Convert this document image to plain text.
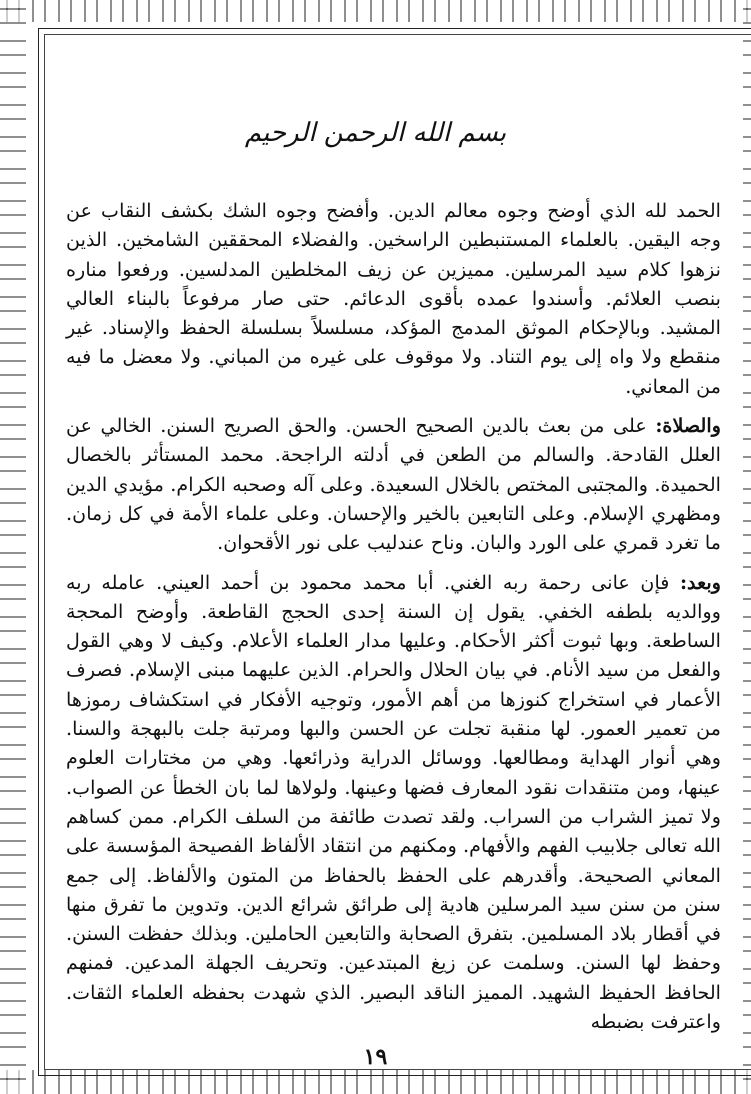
بسم الله الرحمن الرحيم

الحمد لله الذي أوضح وجوه معالم الدين. وأفضح وجوه الشك بكشف النقاب عن وجه اليقين. بالعلماء المستنبطين الراسخين. والفضلاء المحققين الشامخين. الذين نزهوا كلام سيد المرسلين. مميزين عن زيف المخلطين المدلسين. ورفعوا مناره بنصب العلائم. وأسندوا عمده بأقوى الدعائم. حتى صار مرفوعاً بالبناء العالي المشيد. وبالإحكام الموثق المدمج المؤكد، مسلسلاً بسلسلة الحفظ والإسناد. غير منقطع ولا واه إلى يوم التناد. ولا موقوف على غيره من المباني. ولا معضل ما فيه من المعاني.

والصلاة: على من بعث بالدين الصحيح الحسن. والحق الصريح السنن. الخالي عن العلل القادحة. والسالم من الطعن في أدلته الراجحة. محمد المستأثر بالخصال الحميدة. والمجتبى المختص بالخلال السعيدة. وعلى آله وصحبه الكرام. مؤيدي الدين ومظهري الإسلام. وعلى التابعين بالخير والإحسان. وعلى علماء الأمة في كل زمان. ما تغرد قمري على الورد والبان. وناح عندليب على نور الأقحوان.

وبعد: فإن عانى رحمة ربه الغني. أبا محمد محمود بن أحمد العيني. عامله ربه ووالديه بلطفه الخفي. يقول إن السنة إحدى الحجج القاطعة. وأوضح المحجة الساطعة. وبها ثبوت أكثر الأحكام. وعليها مدار العلماء الأعلام. وكيف لا وهي القول والفعل من سيد الأنام. في بيان الحلال والحرام. الذين عليهما مبنى الإسلام. فصرف الأعمار في استخراج كنوزها من أهم الأمور، وتوجيه الأفكار في استكشاف رموزها من تعمير العمور. لها منقبة تجلت عن الحسن والبها ومرتبة جلت بالبهجة والسنا. وهي أنوار الهداية ومطالعها. ووسائل الدراية وذرائعها. وهي من مختارات العلوم عينها، ومن متنقدات نقود المعارف فضها وعينها. ولولاها لما بان الخطأ عن الصواب. ولا تميز الشراب من السراب. ولقد تصدت طائفة من السلف الكرام. ممن كساهم الله تعالى جلابيب الفهم والأفهام. ومكنهم من انتقاد الألفاظ الفصيحة المؤسسة على المعاني الصحيحة. وأقدرهم على الحفظ بالحفاظ من المتون والألفاظ. إلى جمع سنن من سنن سيد المرسلين هادية إلى طرائق شرائع الدين. وتدوين ما تفرق منها في أقطار بلاد المسلمين. بتفرق الصحابة والتابعين الحاملين. وبذلك حفظت السنن. وحفظ لها السنن. وسلمت عن زيغ المبتدعين. وتحريف الجهلة المدعين. فمنهم الحافظ الحفيظ الشهيد. المميز الناقد البصير. الذي شهدت بحفظه العلماء الثقات. واعترفت بضبطه

١٩
